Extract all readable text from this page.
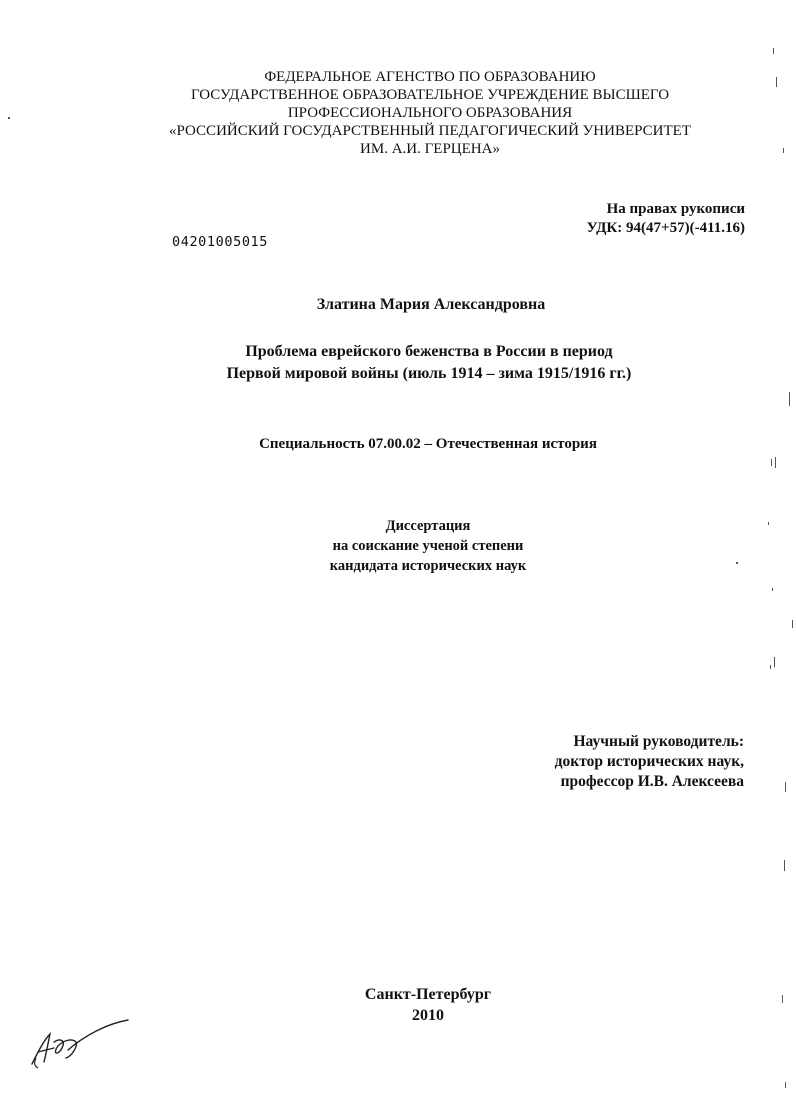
ФЕДЕРАЛЬНОЕ АГЕНСТВО ПО ОБРАЗОВАНИЮ
ГОСУДАРСТВЕННОЕ ОБРАЗОВАТЕЛЬНОЕ УЧРЕЖДЕНИЕ ВЫСШЕГО
ПРОФЕССИОНАЛЬНОГО ОБРАЗОВАНИЯ
«РОССИЙСКИЙ ГОСУДАРСТВЕННЫЙ ПЕДАГОГИЧЕСКИЙ УНИВЕРСИТЕТ
ИМ. А.И. ГЕРЦЕНА»
На правах рукописи
УДК: 94(47+57)(-411.16)
04201005015
Златина Мария Александровна
Проблема еврейского беженства в России в период
Первой мировой войны (июль 1914 – зима 1915/1916 гг.)
Специальность 07.00.02 – Отечественная история
Диссертация
на соискание ученой степени
кандидата исторических наук
Научный руководитель:
доктор исторических наук,
профессор И.В. Алексеева
Санкт-Петербург
2010
